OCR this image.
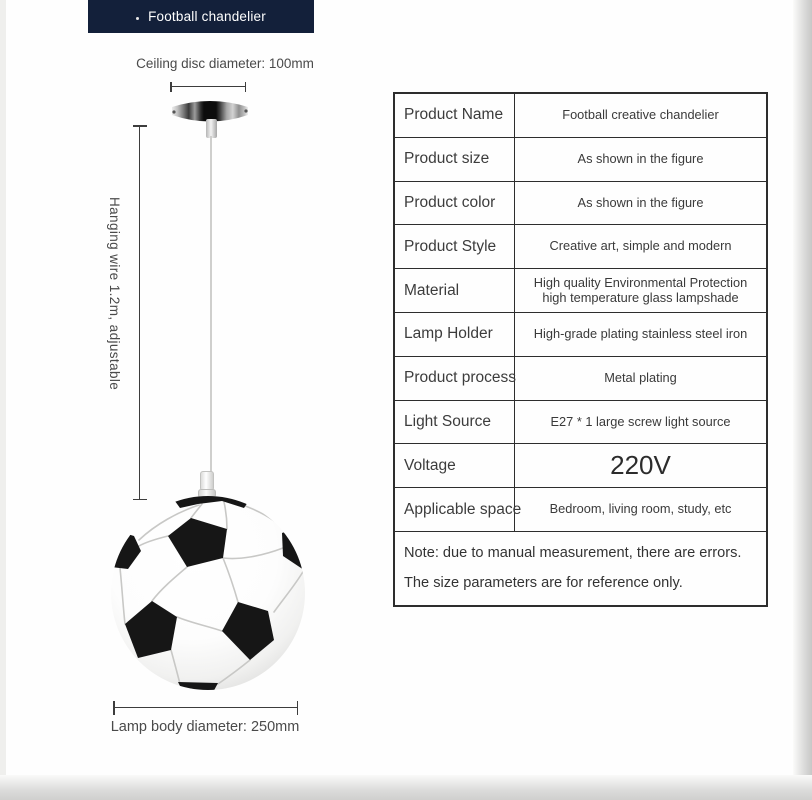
Football chandelier
Ceiling disc diameter: 100mm
Hanging wire 1.2m, adjustable
Lamp body diameter: 250mm
Product Name	Football creative chandelier
Product size	As shown in the figure
Product color	As shown in the figure
Product Style	Creative art, simple and modern
Material	High quality Environmental Protection high temperature glass lampshade
Lamp Holder	High-grade plating stainless steel iron
Product process	Metal plating
Light Source	E27 * 1 large screw light source
Voltage	220V
Applicable space	Bedroom, living room, study, etc
Note: due to manual measurement, there are errors. The size parameters are for reference only.
